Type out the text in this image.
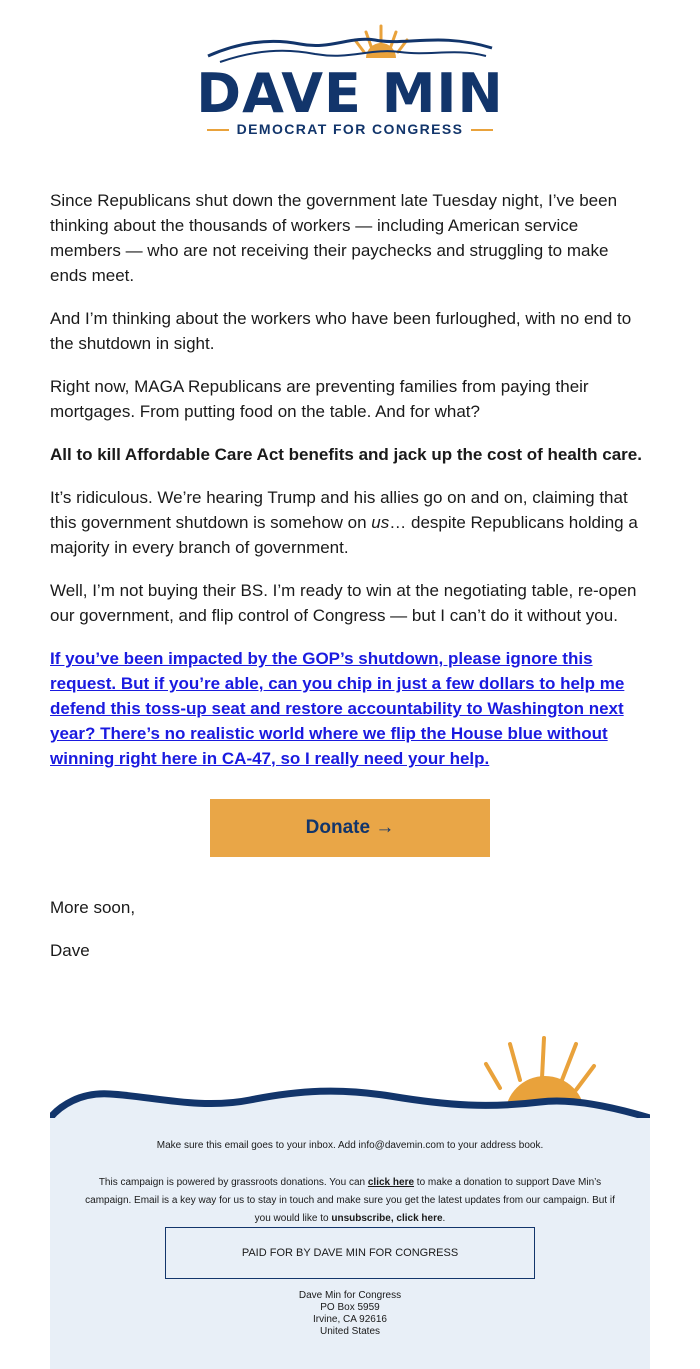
DAVE MIN
DEMOCRAT FOR CONGRESS

Since Republicans shut down the government late Tuesday night, I’ve been thinking about the thousands of workers — including American service members — who are not receiving their paychecks and struggling to make ends meet.

And I’m thinking about the workers who have been furloughed, with no end to the shutdown in sight.

Right now, MAGA Republicans are preventing families from paying their mortgages. From putting food on the table. And for what?

All to kill Affordable Care Act benefits and jack up the cost of health care.

It’s ridiculous. We’re hearing Trump and his allies go on and on, claiming that this government shutdown is somehow on us… despite Republicans holding a majority in every branch of government.

Well, I’m not buying their BS. I’m ready to win at the negotiating table, re-open our government, and flip control of Congress — but I can’t do it without you.

If you’ve been impacted by the GOP’s shutdown, please ignore this request. But if you’re able, can you chip in just a few dollars to help me defend this toss-up seat and restore accountability to Washington next year? There’s no realistic world where we flip the House blue without winning right here in CA-47, so I really need your help.

Donate →

More soon,

Dave

Make sure this email goes to your inbox. Add info@davemin.com to your address book.
This campaign is powered by grassroots donations. You can click here to make a donation to support Dave Min’s campaign. Email is a key way for us to stay in touch and make sure you get the latest updates from our campaign. But if you would like to unsubscribe, click here.
PAID FOR BY DAVE MIN FOR CONGRESS
Dave Min for Congress
PO Box 5959
Irvine, CA 92616
United States
